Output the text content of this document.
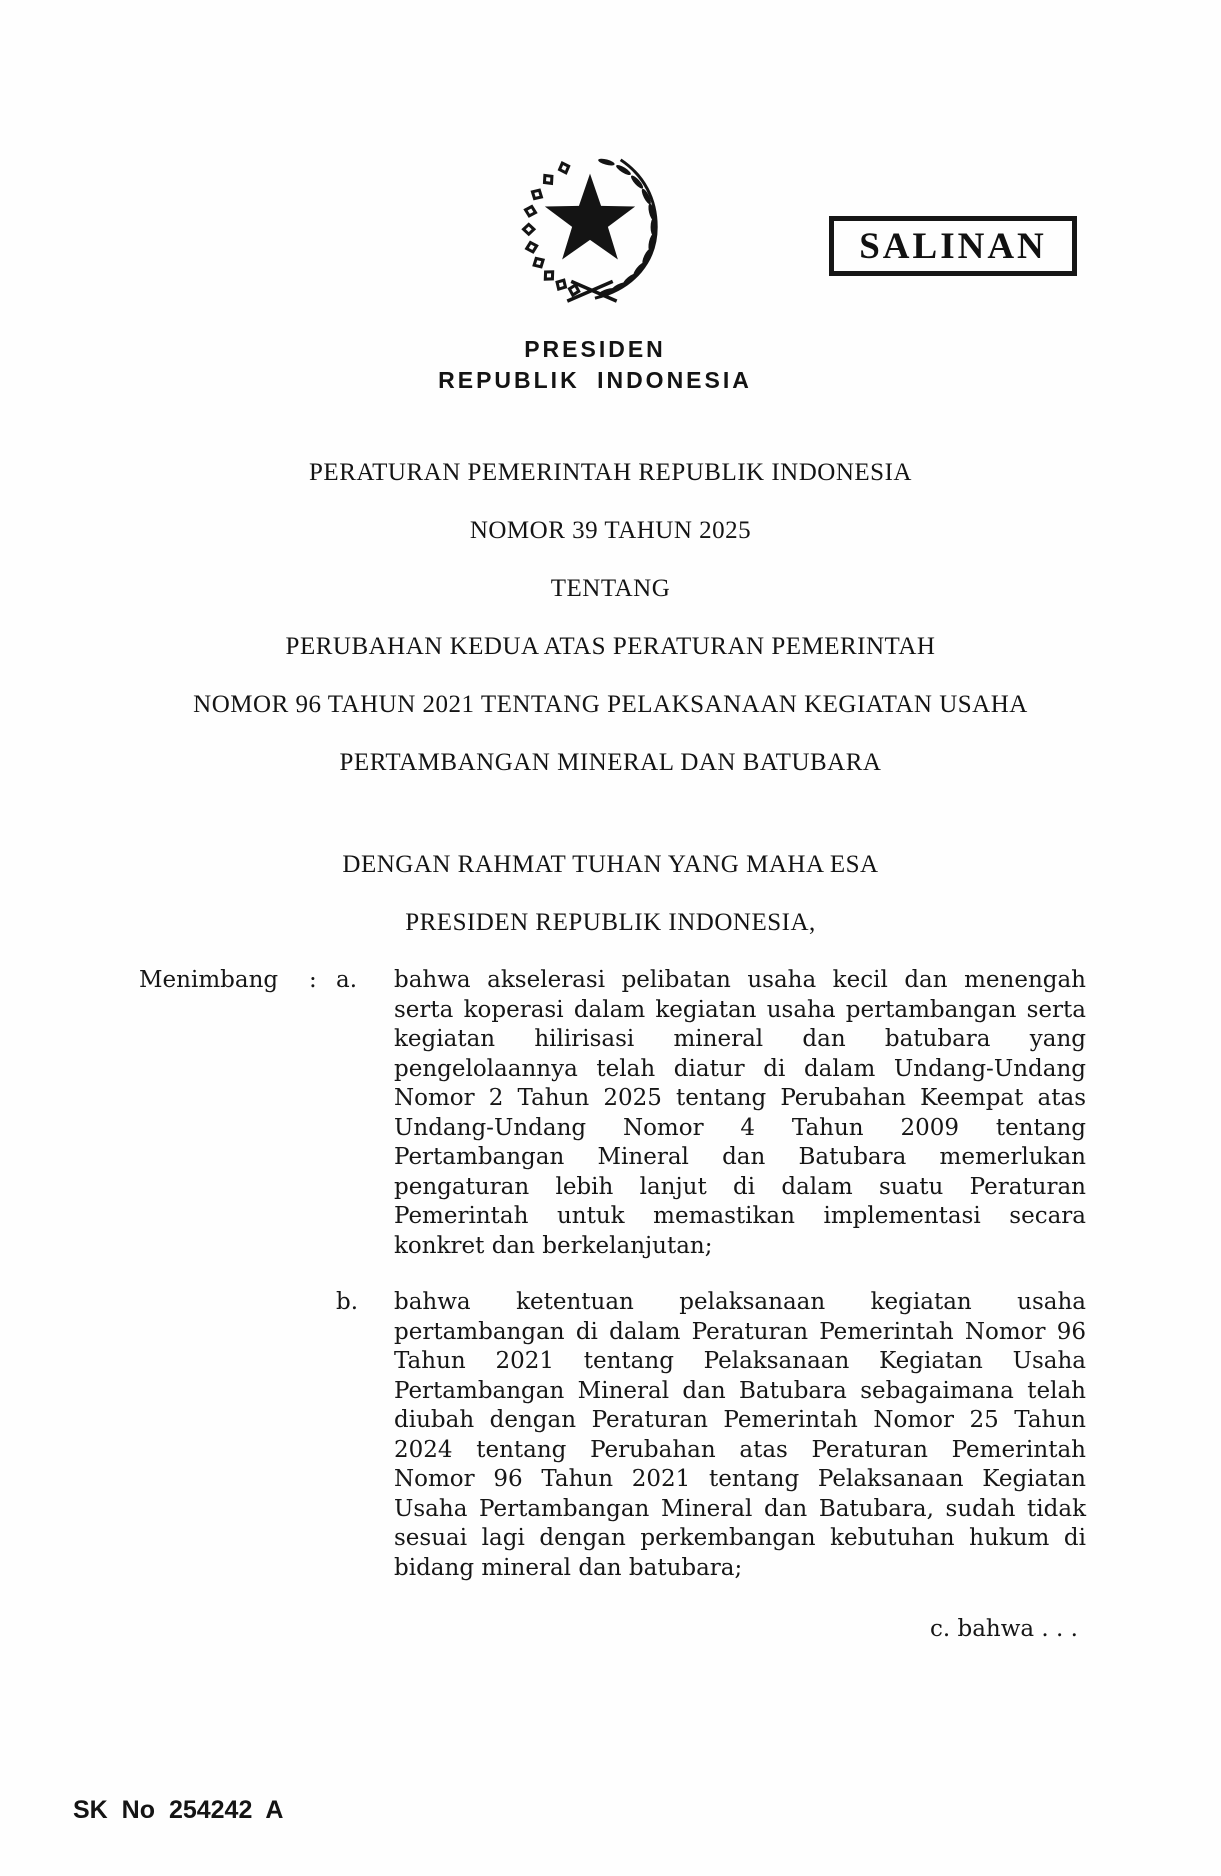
SALINAN
PRESIDEN
REPUBLIK INDONESIA
PERATURAN PEMERINTAH REPUBLIK INDONESIA
NOMOR 39 TAHUN 2025
TENTANG
PERUBAHAN KEDUA ATAS PERATURAN PEMERINTAH
NOMOR 96 TAHUN 2021 TENTANG PELAKSANAAN KEGIATAN USAHA
PERTAMBANGAN MINERAL DAN BATUBARA
DENGAN RAHMAT TUHAN YANG MAHA ESA
PRESIDEN REPUBLIK INDONESIA,
Menimbang	: a.	bahwa akselerasi pelibatan usaha kecil dan menengah serta koperasi dalam kegiatan usaha pertambangan serta kegiatan hilirisasi mineral dan batubara yang pengelolaannya telah diatur di dalam Undang-Undang Nomor 2 Tahun 2025 tentang Perubahan Keempat atas Undang-Undang Nomor 4 Tahun 2009 tentang Pertambangan Mineral dan Batubara memerlukan pengaturan lebih lanjut di dalam suatu Peraturan Pemerintah untuk memastikan implementasi secara konkret dan berkelanjutan;
b.	bahwa ketentuan pelaksanaan kegiatan usaha pertambangan di dalam Peraturan Pemerintah Nomor 96 Tahun 2021 tentang Pelaksanaan Kegiatan Usaha Pertambangan Mineral dan Batubara sebagaimana telah diubah dengan Peraturan Pemerintah Nomor 25 Tahun 2024 tentang Perubahan atas Peraturan Pemerintah Nomor 96 Tahun 2021 tentang Pelaksanaan Kegiatan Usaha Pertambangan Mineral dan Batubara, sudah tidak sesuai lagi dengan perkembangan kebutuhan hukum di bidang mineral dan batubara;
c. bahwa . . .
SK No 254242 A
